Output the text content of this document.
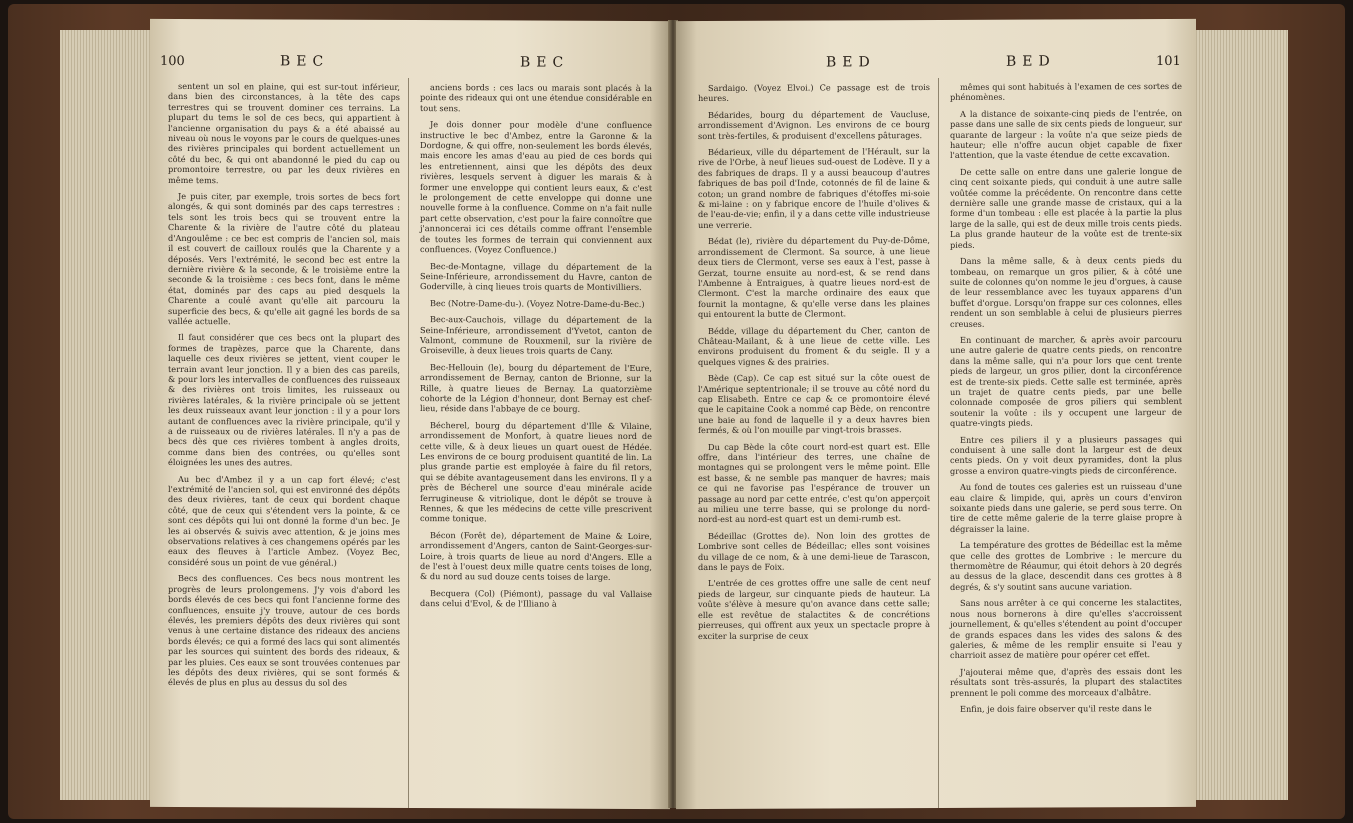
100	BEC	BEC

sentent un sol en plaine, qui est sur-tout inférieur, dans bien des circonstances, à la tête des caps terrestres qui se trouvent dominer ces terrains. La plupart du tems le sol de ces becs, qui appartient à l'ancienne organisation du pays & a été abaissé au niveau où nous le voyons par le cours de quelques-unes des rivières principales qui bordent actuellement un côté du bec, & qui ont abandonné le pied du cap ou promontoire terrestre, ou par les deux rivières en même tems.

Je puis citer, par exemple, trois sortes de becs fort alongés, & qui sont dominés par des caps terrestres : tels sont les trois becs qui se trouvent entre la Charente & la rivière de l'autre côté du plateau d'Angoulême : ce bec est compris de l'ancien sol, mais il est couvert de cailloux roulés que la Charente y a déposés. Vers l'extrémité, le second bec est entre la dernière rivière & la seconde, & le troisième entre la seconde & la troisième : ces becs font, dans le même état, dominés par des caps au pied desquels la Charente a coulé avant qu'elle ait parcouru la superficie des becs, & qu'elle ait gagné les bords de sa vallée actuelle.

Il faut considérer que ces becs ont la plupart des formes de trapèzes, parce que la Charente, dans laquelle ces deux rivières se jettent, vient couper le terrain avant leur jonction. Il y a bien des cas pareils, & pour lors les intervalles de confluences des ruisseaux & des rivières ont trois limites, les ruisseaux ou rivières latérales, & la rivière principale où se jettent les deux ruisseaux avant leur jonction : il y a pour lors autant de confluences avec la rivière principale, qu'il y a de ruisseaux ou de rivières latérales. Il n'y a pas de becs dès que ces rivières tombent à angles droits, comme dans bien des contrées, ou qu'elles sont éloignées les unes des autres.

Au bec d'Ambez il y a un cap fort élevé; c'est l'extrémité de l'ancien sol, qui est environné des dépôts des deux rivières, tant de ceux qui bordent chaque côté, que de ceux qui s'étendent vers la pointe, & ce sont ces dépôts qui lui ont donné la forme d'un bec. Je les ai observés & suivis avec attention, & je joins mes observations relatives à ces changemens opérés par les eaux des fleuves à l'article Ambez. (Voyez Bec, considéré sous un point de vue général.)

Becs des confluences. Ces becs nous montrent les progrès de leurs prolongemens. J'y vois d'abord les bords élevés de ces becs qui font l'ancienne forme des confluences, ensuite j'y trouve, autour de ces bords élevés, les premiers dépôts des deux rivières qui sont venus à une certaine distance des rideaux des anciens bords élevés; ce qui a formé des lacs qui sont alimentés par les sources qui suintent des bords des rideaux, & par les pluies. Ces eaux se sont trouvées contenues par les dépôts des deux rivières, qui se sont formés & élevés de plus en plus au dessus du sol des

anciens bords : ces lacs ou marais sont placés à la pointe des rideaux qui ont une étendue considérable en tout sens.

Je dois donner pour modèle d'une confluence instructive le bec d'Ambez, entre la Garonne & la Dordogne, & qui offre, non-seulement les bords élevés, mais encore les amas d'eau au pied de ces bords qui les entretiennent, ainsi que les dépôts des deux rivières, lesquels servent à diguer les marais & à former une enveloppe qui contient leurs eaux, & c'est le prolongement de cette enveloppe qui donne une nouvelle forme à la confluence. Comme on n'a fait nulle part cette observation, c'est pour la faire connoître que j'annoncerai ici ces détails comme offrant l'ensemble de toutes les formes de terrain qui conviennent aux confluences. (Voyez Confluence.)

Bec-de-Montagne, village du département de la Seine-Inférieure, arrondissement du Havre, canton de Goderville, à cinq lieues trois quarts de Montivilliers.

Bec (Notre-Dame-du-). (Voyez Notre-Dame-du-Bec.)

Bec-aux-Cauchois, village du département de la Seine-Inférieure, arrondissement d'Yvetot, canton de Valmont, commune de Rouxmenil, sur la rivière de Groiseville, à deux lieues trois quarts de Cany.

Bec-Hellouin (le), bourg du département de l'Eure, arrondissement de Bernay, canton de Brionne, sur la Rille, à quatre lieues de Bernay. La quatorzième cohorte de la Légion d'honneur, dont Bernay est chef-lieu, réside dans l'abbaye de ce bourg.

Bécherel, bourg du département d'Ille & Vilaine, arrondissement de Monfort, à quatre lieues nord de cette ville, & à deux lieues un quart ouest de Hédée. Les environs de ce bourg produisent quantité de lin. La plus grande partie est employée à faire du fil retors, qui se débite avantageusement dans les environs. Il y a près de Bécherel une source d'eau minérale acide ferrugineuse & vitriolique, dont le dépôt se trouve à Rennes, & que les médecins de cette ville prescrivent comme tonique.

Bécon (Forêt de), département de Maine & Loire, arrondissement d'Angers, canton de Saint-Georges-sur-Loire, à trois quarts de lieue au nord d'Angers. Elle a de l'est à l'ouest deux mille quatre cents toises de long, & du nord au sud douze cents toises de large.

Becquera (Col) (Piémont), passage du val Vallaise dans celui d'Evol, & de l'Illiano à

BED	BED	101

Sardaigo. (Voyez Elvoi.) Ce passage est de trois heures.

Bédarides, bourg du département de Vaucluse, arrondissement d'Avignon. Les environs de ce bourg sont très-fertiles, & produisent d'excellens pâturages.

Bédarieux, ville du département de l'Hérault, sur la rive de l'Orbe, à neuf lieues sud-ouest de Lodève. Il y a des fabriques de draps. Il y a aussi beaucoup d'autres fabriques de bas poil d'Inde, cotonnés de fil de laine & coton; un grand nombre de fabriques d'étoffes mi-soie & mi-laine : on y fabrique encore de l'huile d'olives & de l'eau-de-vie; enfin, il y a dans cette ville industrieuse une verrerie.

Bédat (le), rivière du département du Puy-de-Dôme, arrondissement de Clermont. Sa source, à une lieue deux tiers de Clermont, verse ses eaux à l'est, passe à Gerzat, tourne ensuite au nord-est, & se rend dans l'Ambenne à Entraigues, à quatre lieues nord-est de Clermont. C'est la marche ordinaire des eaux que fournit la montagne, & qu'elle verse dans les plaines qui entourent la butte de Clermont.

Bédde, village du département du Cher, canton de Château-Mailant, & à une lieue de cette ville. Les environs produisent du froment & du seigle. Il y a quelques vignes & des prairies.

Bède (Cap). Ce cap est situé sur la côte ouest de l'Amérique septentrionale; il se trouve au côté nord du cap Elisabeth. Entre ce cap & ce promontoire élevé que le capitaine Cook a nommé cap Bède, on rencontre une baie au fond de laquelle il y a deux havres bien fermés, & où l'on mouille par vingt-trois brasses.

Du cap Bède la côte court nord-est quart est. Elle offre, dans l'intérieur des terres, une chaîne de montagnes qui se prolongent vers le même point. Elle est basse, & ne semble pas manquer de havres; mais ce qui ne favorise pas l'espérance de trouver un passage au nord par cette entrée, c'est qu'on apperçoit au milieu une terre basse, qui se prolonge du nord-nord-est au nord-est quart est un demi-rumb est.

Bédeillac (Grottes de). Non loin des grottes de Lombrive sont celles de Bédeillac; elles sont voisines du village de ce nom, & à une demi-lieue de Tarascon, dans le pays de Foix.

L'entrée de ces grottes offre une salle de cent neuf pieds de largeur, sur cinquante pieds de hauteur. La voûte s'élève à mesure qu'on avance dans cette salle; elle est revêtue de stalactites & de concrétions pierreuses, qui offrent aux yeux un spectacle propre à exciter la surprise de ceux

mêmes qui sont habitués à l'examen de ces sortes de phénomènes.

A la distance de soixante-cinq pieds de l'entrée, on passe dans une salle de six cents pieds de longueur, sur quarante de largeur : la voûte n'a que seize pieds de hauteur; elle n'offre aucun objet capable de fixer l'attention, que la vaste étendue de cette excavation.

De cette salle on entre dans une galerie longue de cinq cent soixante pieds, qui conduit à une autre salle voûtée comme la précédente. On rencontre dans cette dernière salle une grande masse de cristaux, qui a la forme d'un tombeau : elle est placée à la partie la plus large de la salle, qui est de deux mille trois cents pieds. La plus grande hauteur de la voûte est de trente-six pieds.

Dans la même salle, & à deux cents pieds du tombeau, on remarque un gros pilier, & à côté une suite de colonnes qu'on nomme le jeu d'orgues, à cause de leur ressemblance avec les tuyaux apparens d'un buffet d'orgue. Lorsqu'on frappe sur ces colonnes, elles rendent un son semblable à celui de plusieurs pierres creuses.

En continuant de marcher, & après avoir parcouru une autre galerie de quatre cents pieds, on rencontre dans la même salle, qui n'a pour lors que cent trente pieds de largeur, un gros pilier, dont la circonférence est de trente-six pieds. Cette salle est terminée, après un trajet de quatre cents pieds, par une belle colonnade composée de gros piliers qui semblent soutenir la voûte : ils y occupent une largeur de quatre-vingts pieds.

Entre ces piliers il y a plusieurs passages qui conduisent à une salle dont la largeur est de deux cents pieds. On y voit deux pyramides, dont la plus grosse a environ quatre-vingts pieds de circonférence.

Au fond de toutes ces galeries est un ruisseau d'une eau claire & limpide, qui, après un cours d'environ soixante pieds dans une galerie, se perd sous terre. On tire de cette même galerie de la terre glaise propre à dégraisser la laine.

La température des grottes de Bédeillac est la même que celle des grottes de Lombrive : le mercure du thermomètre de Réaumur, qui étoit dehors à 20 degrés au dessus de la glace, descendit dans ces grottes à 8 degrés, & s'y soutint sans aucune variation.

Sans nous arrêter à ce qui concerne les stalactites, nous nous bornerons à dire qu'elles s'accroissent journellement, & qu'elles s'étendent au point d'occuper de grands espaces dans les vides des salons & des galeries, & même de les remplir ensuite si l'eau y charrioit assez de matière pour opérer cet effet.

J'ajouterai même que, d'après des essais dont les résultats sont très-assurés, la plupart des stalactites prennent le poli comme des morceaux d'albâtre.

Enfin, je dois faire observer qu'il reste dans le
